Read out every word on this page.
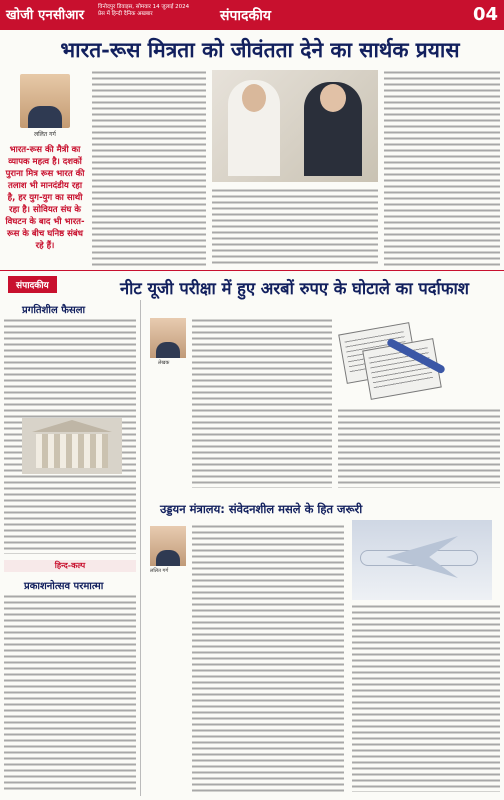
खोजी एनसीआर
विनोदपुर डिवाइस, सोमवार 14 जुलाई 2024
प्रेस में हिन्दी दैनिक अखबार	संपादकीय	04
भारत-रूस मित्रता को जीवंतता देने का सार्थक प्रयास
ललित गर्ग
भारत-रूस की मैत्री का व्यापक महत्व है। दशकों पुराना मित्र रूस भारत की तलाश भी मानदंडीय रहा है, हर युग-युग का साथी रहा है। सोवियत संघ के विघटन के बाद भी भारत-रूस के बीच घनिष्ठ संबंध रहे हैं।
संपादकीय	नीट यूजी परीक्षा में हुए अरबों रुपए के घोटाले का पर्दाफाश
प्रगतिशील फैसला
हिन्द-कल्प
प्रकाशनोत्सव परमात्मा
लेखक
उड्डयन मंत्रालय: संवेदनशील मसले के हित जरूरी
ललित गर्ग
